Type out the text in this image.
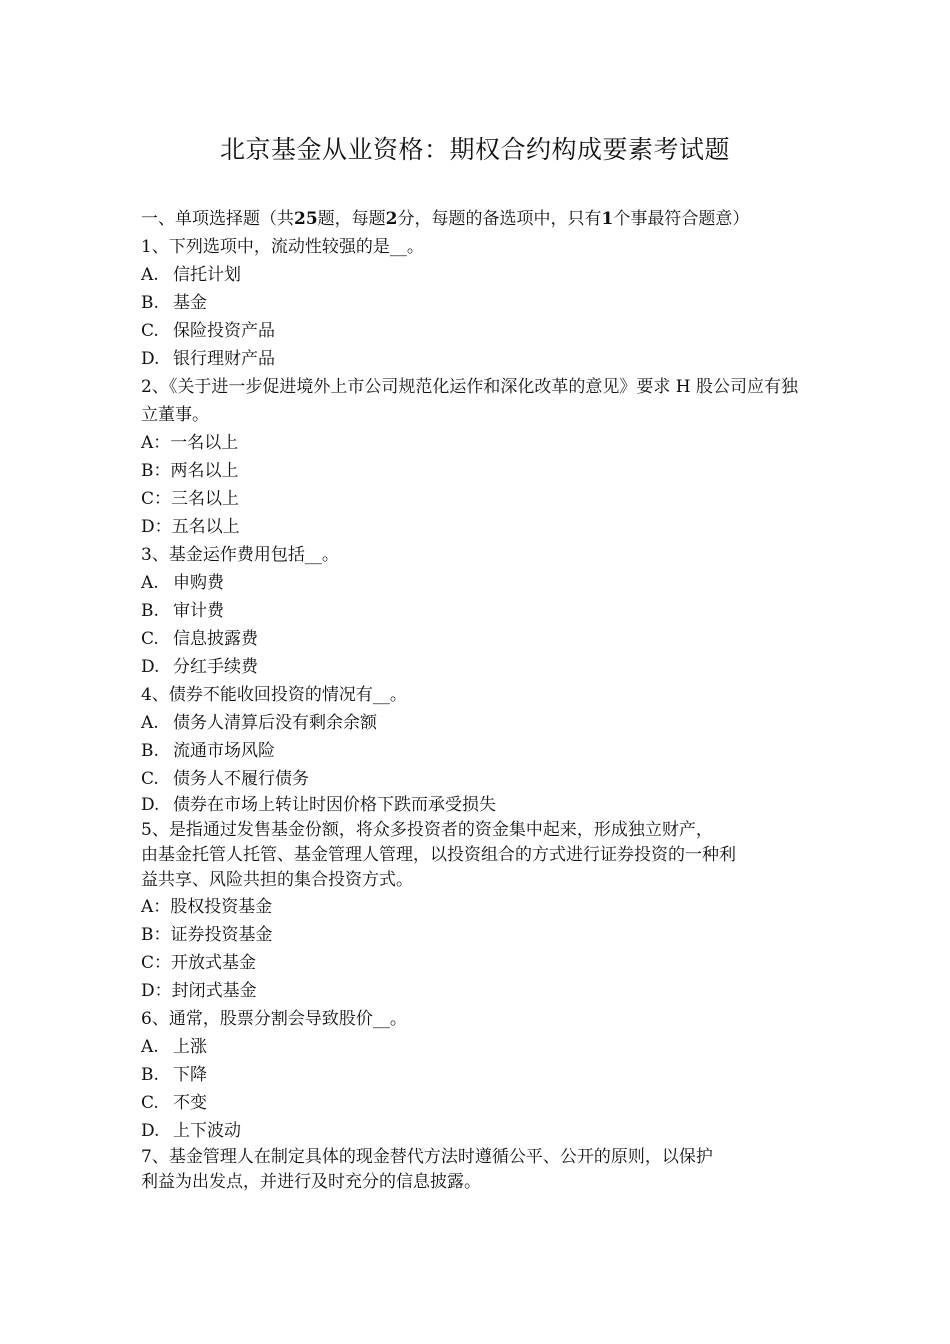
北京基金从业资格：期权合约构成要素考试题

一、单项选择题（共25题，每题2分，每题的备选项中，只有1个事最符合题意）

1、下列选项中，流动性较强的是__。

A. 信托计划
B. 基金
C. 保险投资产品
D. 银行理财产品

2、《关于进一步促进境外上市公司规范化运作和深化改革的意见》要求 H 股公司应有独立董事。

A：一名以上
B：两名以上
C：三名以上
D：五名以上

3、基金运作费用包括__。

A. 申购费
B. 审计费
C. 信息披露费
D. 分红手续费

4、债券不能收回投资的情况有__。

A. 债务人清算后没有剩余余额
B. 流通市场风险
C. 债务人不履行债务
D. 债券在市场上转让时因价格下跌而承受损失
5、是指通过发售基金份额，将众多投资者的资金集中起来，形成独立财产，
由基金托管人托管、基金管理人管理，以投资组合的方式进行证券投资的一种利
益共享、风险共担的集合投资方式。
A：股权投资基金
B：证券投资基金
C：开放式基金
D：封闭式基金

6、通常，股票分割会导致股价__。

A. 上涨
B. 下降
C. 不变
D. 上下波动
7、基金管理人在制定具体的现金替代方法时遵循公平、公开的原则，以保护
利益为出发点，并进行及时充分的信息披露。
